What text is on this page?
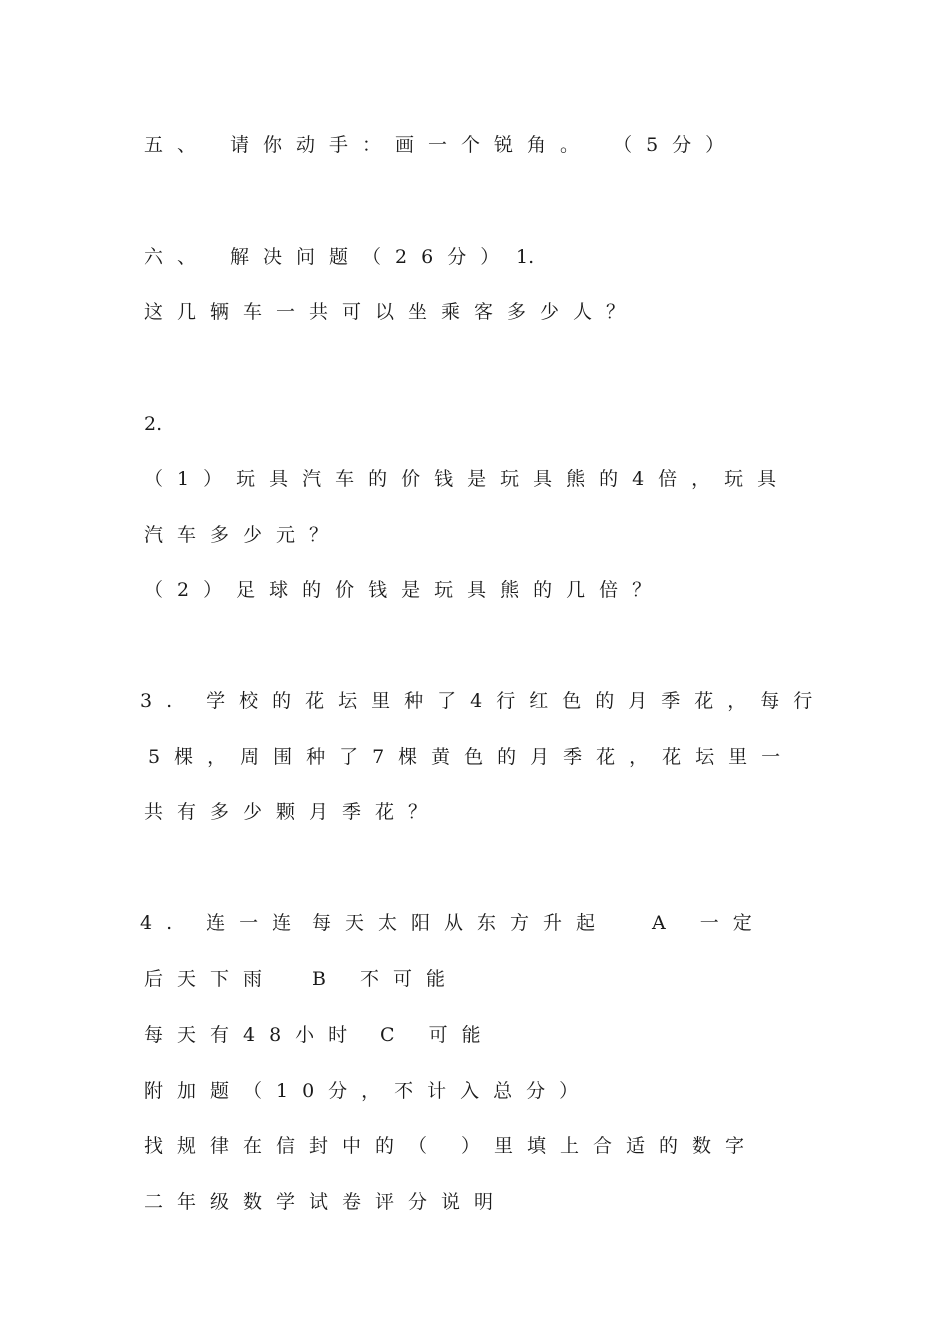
五、 请你动手：画一个锐角。 （5分）
六、 解决问题（26分） 1.
这几辆车一共可以坐乘客多少人？
2.
（1）玩具汽车的价钱是玩具熊的4倍，玩具
汽车多少元？
（2）足球的价钱是玩具熊的几倍？
3. 学校的花坛里种了4行红色的月季花，每行
5棵，周围种了7棵黄色的月季花，花坛里一
共有多少颗月季花？
4. 连一连 每天太阳从东方升起 A 一定
后天下雨 B 不可能
每天有48小时 C 可能
附加题（10分，不计入总分）
找规律在信封中的（ ）里填上合适的数字
二年级数学试卷评分说明
